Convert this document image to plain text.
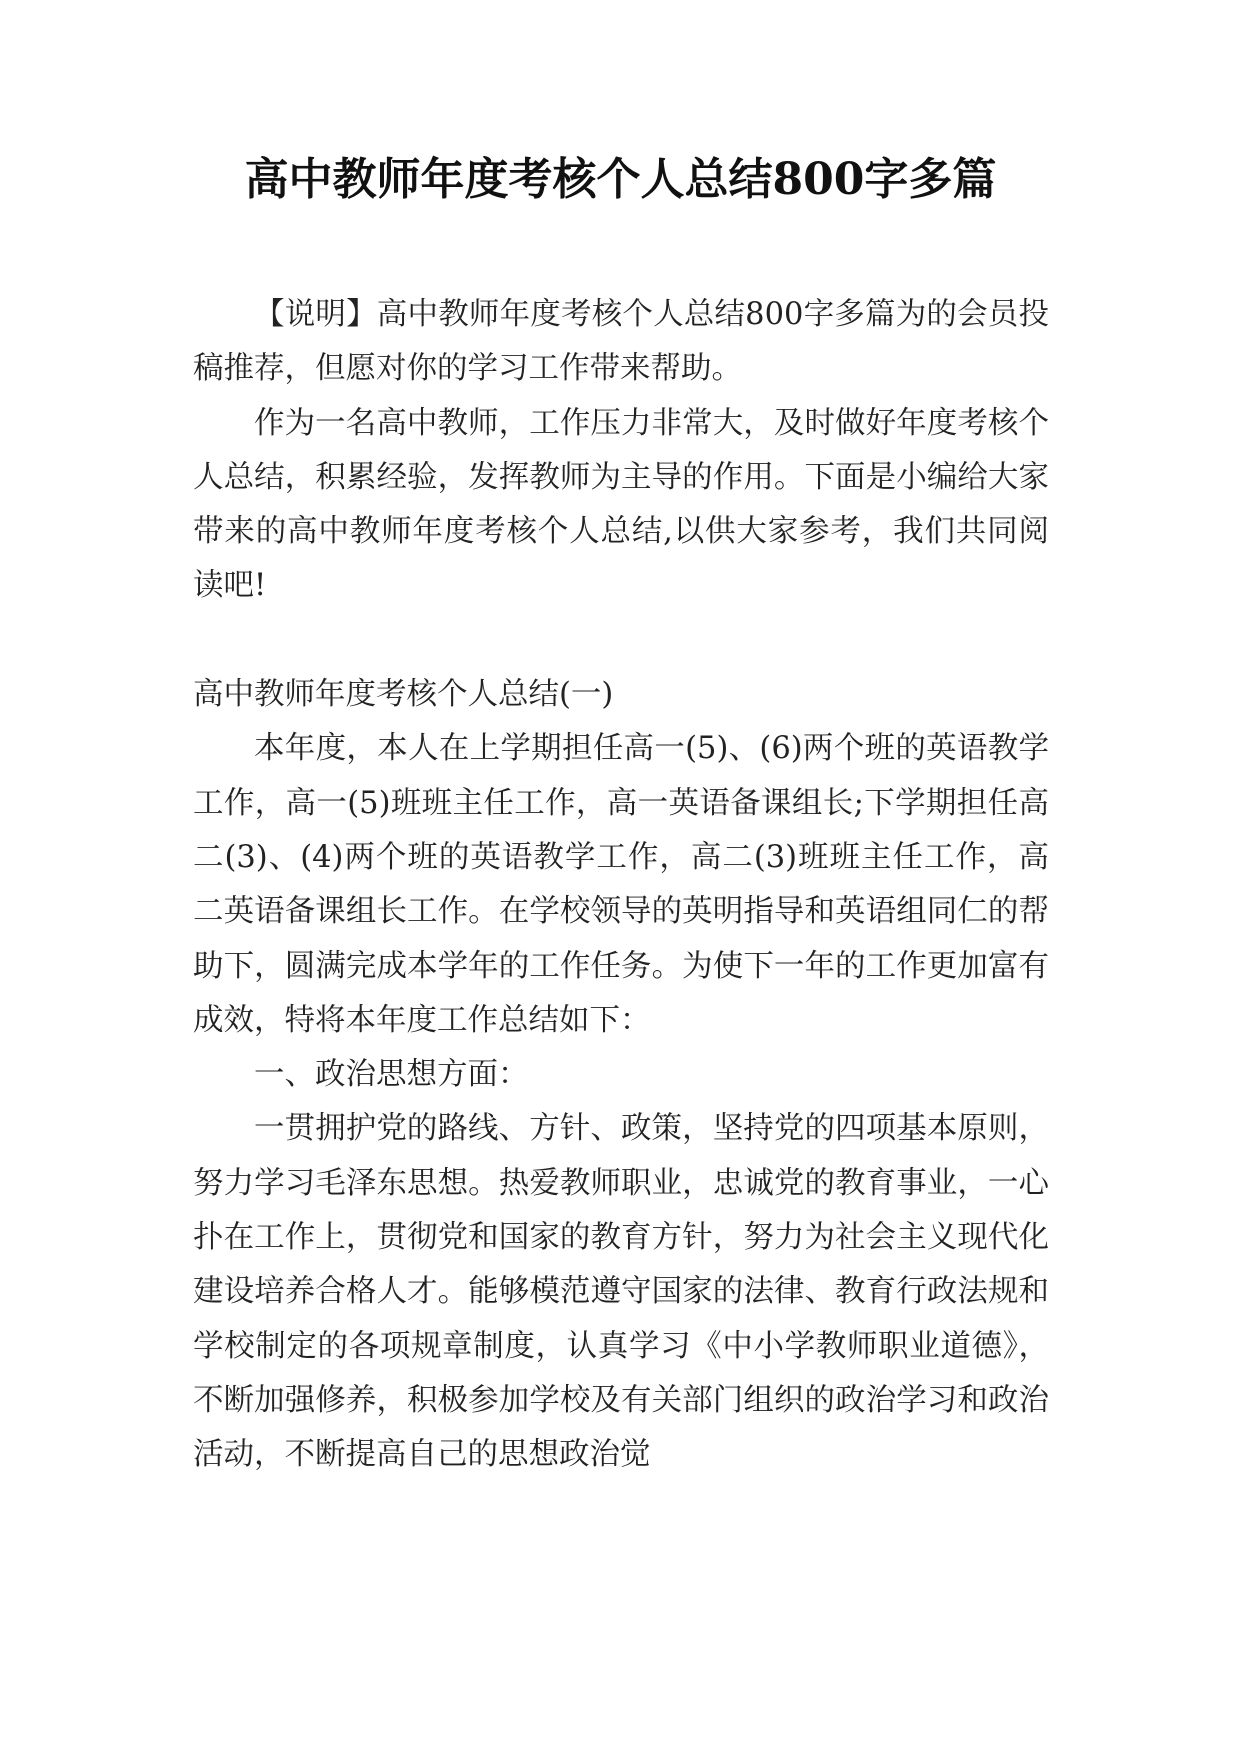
高中教师年度考核个人总结800字多篇

【说明】高中教师年度考核个人总结800字多篇为的会员投稿推荐，但愿对你的学习工作带来帮助。

作为一名高中教师，工作压力非常大，及时做好年度考核个人总结，积累经验，发挥教师为主导的作用。下面是小编给大家带来的高中教师年度考核个人总结,以供大家参考，我们共同阅读吧!

高中教师年度考核个人总结(一)

本年度，本人在上学期担任高一(5)、(6)两个班的英语教学工作，高一(5)班班主任工作，高一英语备课组长;下学期担任高二(3)、(4)两个班的英语教学工作，高二(3)班班主任工作，高二英语备课组长工作。在学校领导的英明指导和英语组同仁的帮助下，圆满完成本学年的工作任务。为使下一年的工作更加富有成效，特将本年度工作总结如下：

一、政治思想方面：

一贯拥护党的路线、方针、政策，坚持党的四项基本原则，努力学习毛泽东思想。热爱教师职业，忠诚党的教育事业，一心扑在工作上，贯彻党和国家的教育方针，努力为社会主义现代化建设培养合格人才。能够模范遵守国家的法律、教育行政法规和学校制定的各项规章制度，认真学习《中小学教师职业道德》，不断加强修养，积极参加学校及有关部门组织的政治学习和政治活动，不断提高自己的思想政治觉
